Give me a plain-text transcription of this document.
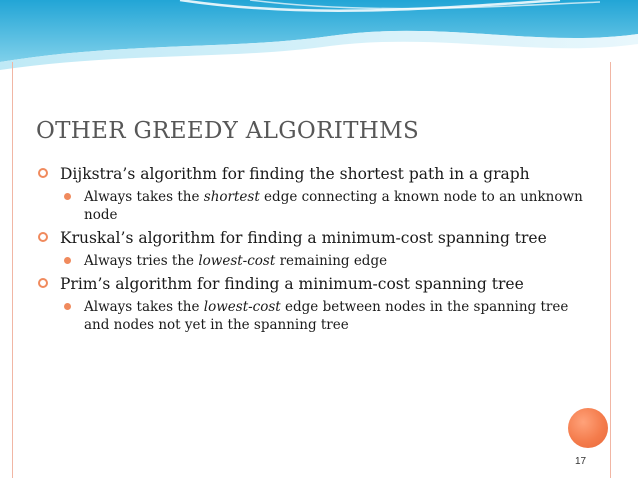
OTHER GREEDY ALGORITHMS
Dijkstra’s algorithm for finding the shortest path in a graph
Always takes the shortest edge connecting a known node to an unknown node
Kruskal’s algorithm for finding a minimum-cost spanning tree
Always tries the lowest-cost remaining edge
Prim’s algorithm for finding a minimum-cost spanning tree
Always takes the lowest-cost edge between nodes in the spanning tree and nodes not yet in the spanning tree
17
